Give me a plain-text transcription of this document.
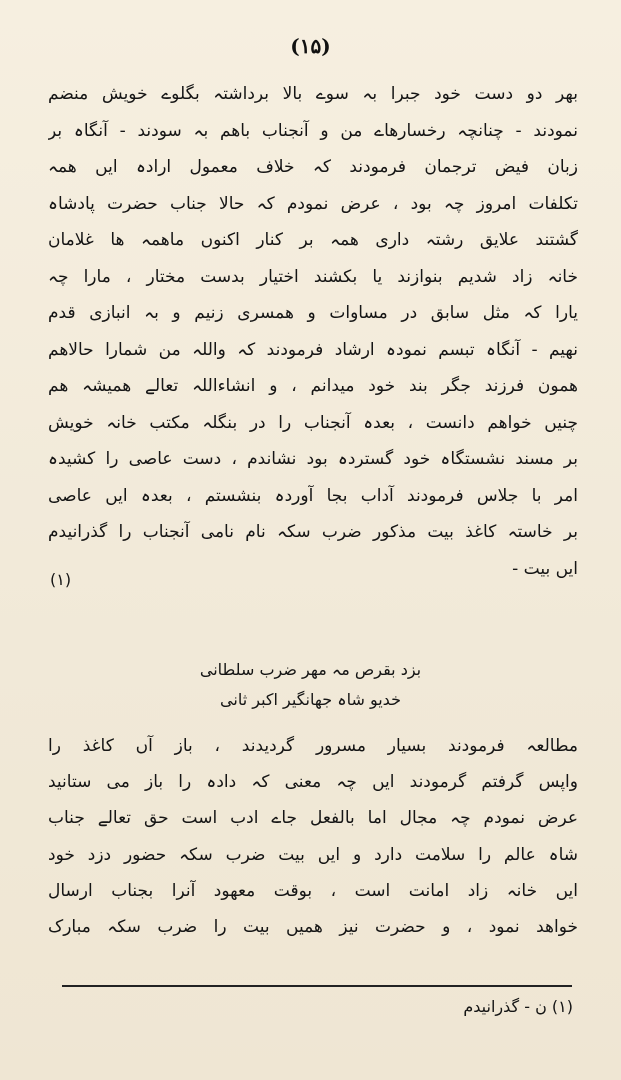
(۱۵)
بهر دو دست خود جبرا بہ سوے بالا برداشتہ بگلوے خویش منضم
نمودند - چنانچہ رخسارهاے من و آنجناب باهم بہ سودند - آنگاہ بر
زبان فیض ترجمان فرمودند کہ خلاف معمول ارادہ ایں همہ
تکلفات امروز چہ بود ، عرض نمودم کہ حالا جناب حضرت پادشاہ
گشتند علایق رشتہ داری همہ بر کنار اکنوں ماهمہ ها غلامان
خانہ زاد شدیم بنوازند یا بکشند اختیار بدست مختار ، مارا چہ
یارا کہ مثل سابق در مساوات و همسری زنیم و بہ انبازی قدم
نهیم - آنگاہ تبسم نمودہ ارشاد فرمودند کہ واللہ من شمارا حالاهم
همون فرزند جگر بند خود میدانم ، و انشاءاللہ تعالے همیشہ هم
چنیں خواهم دانست ، بعدہ آنجناب را در بنگلہ مکتب خانہ خویش
بر مسند نشستگاہ خود گستردہ بود نشاندم ، دست عاصی را کشیدہ
امر با جلاس فرمودند آداب بجا آوردہ بنشستم ، بعدہ ایں عاصی
بر خاستہ کاغذ بیت مذکور ضرب سکہ نام نامی آنجناب را گذرانیدم
ایں بیت -
(۱)
بزد بقرص مہ مهر ضرب سلطانی
خدیو شاہ جهانگیر اکبر ثانی
مطالعہ فرمودند بسیار مسرور گردیدند ، باز آں کاغذ را
واپس گرفتم گرمودند ایں چہ معنی کہ دادہ را باز می ستانید
عرض نمودم چہ مجال اما بالفعل جاے ادب است حق تعالے جناب
شاہ عالم را سلامت دارد و ایں بیت ضرب سکہ حضور دزد خود
ایں خانہ زاد امانت است ، بوقت معهود آنرا بجناب ارسال
خواهد نمود ، و حضرت نیز همیں بیت را ضرب سکہ مبارک
(۱) ن - گذرانیدم
